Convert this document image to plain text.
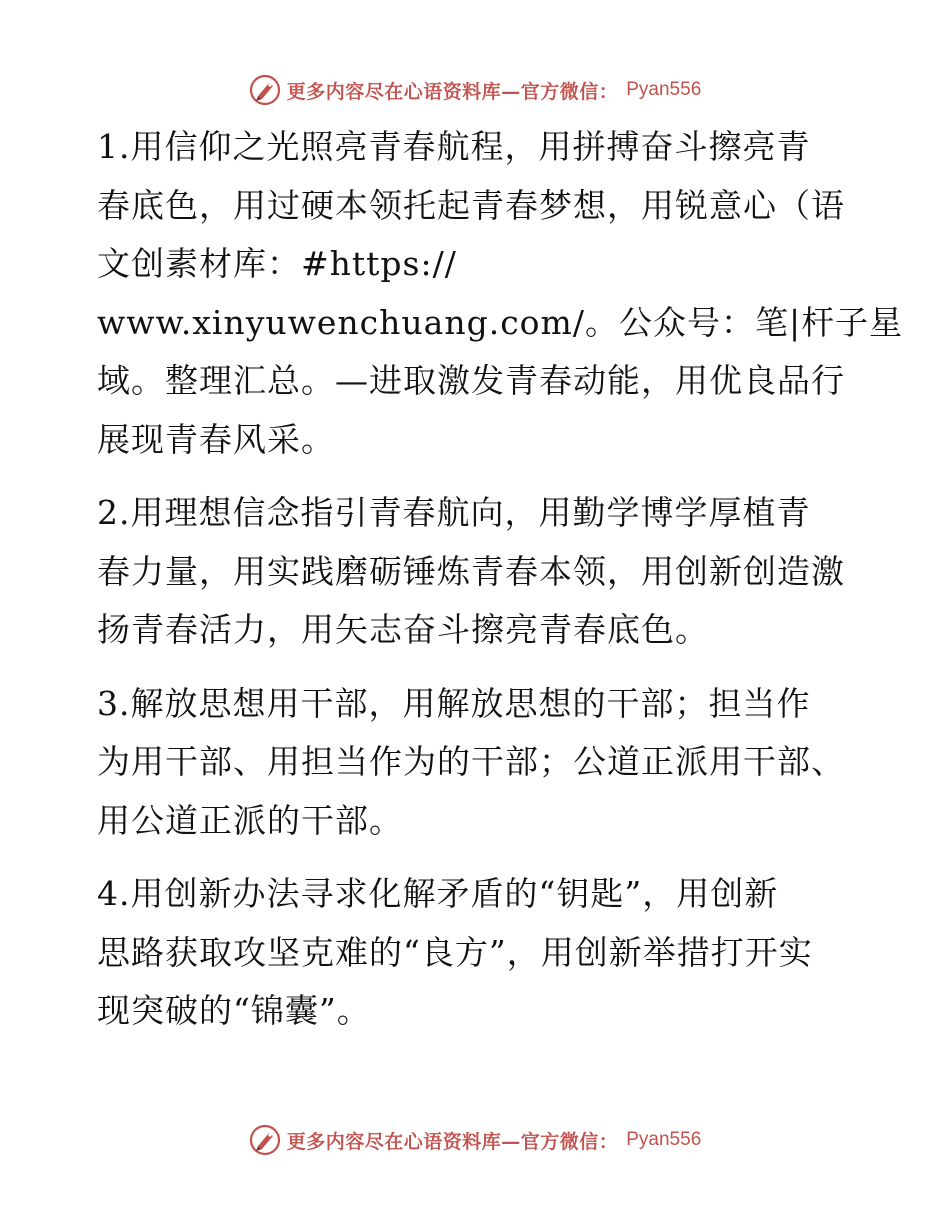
更多内容尽在心语资料库—官方微信： Pyan556

1.用信仰之光照亮青春航程，用拼搏奋斗擦亮青
春底色，用过硬本领托起青春梦想，用锐意心（语
文创素材库：#https://
www.xinyuwenchuang.com/。公众号：笔|杆子星
域。整理汇总。—进取激发青春动能，用优良品行
展现青春风采。

2.用理想信念指引青春航向，用勤学博学厚植青
春力量，用实践磨砺锤炼青春本领，用创新创造激
扬青春活力，用矢志奋斗擦亮青春底色。

3.解放思想用干部，用解放思想的干部；担当作
为用干部、用担当作为的干部；公道正派用干部、
用公道正派的干部。

4.用创新办法寻求化解矛盾的“钥匙”，用创新
思路获取攻坚克难的“良方”，用创新举措打开实
现突破的“锦囊”。

更多内容尽在心语资料库—官方微信： Pyan556
